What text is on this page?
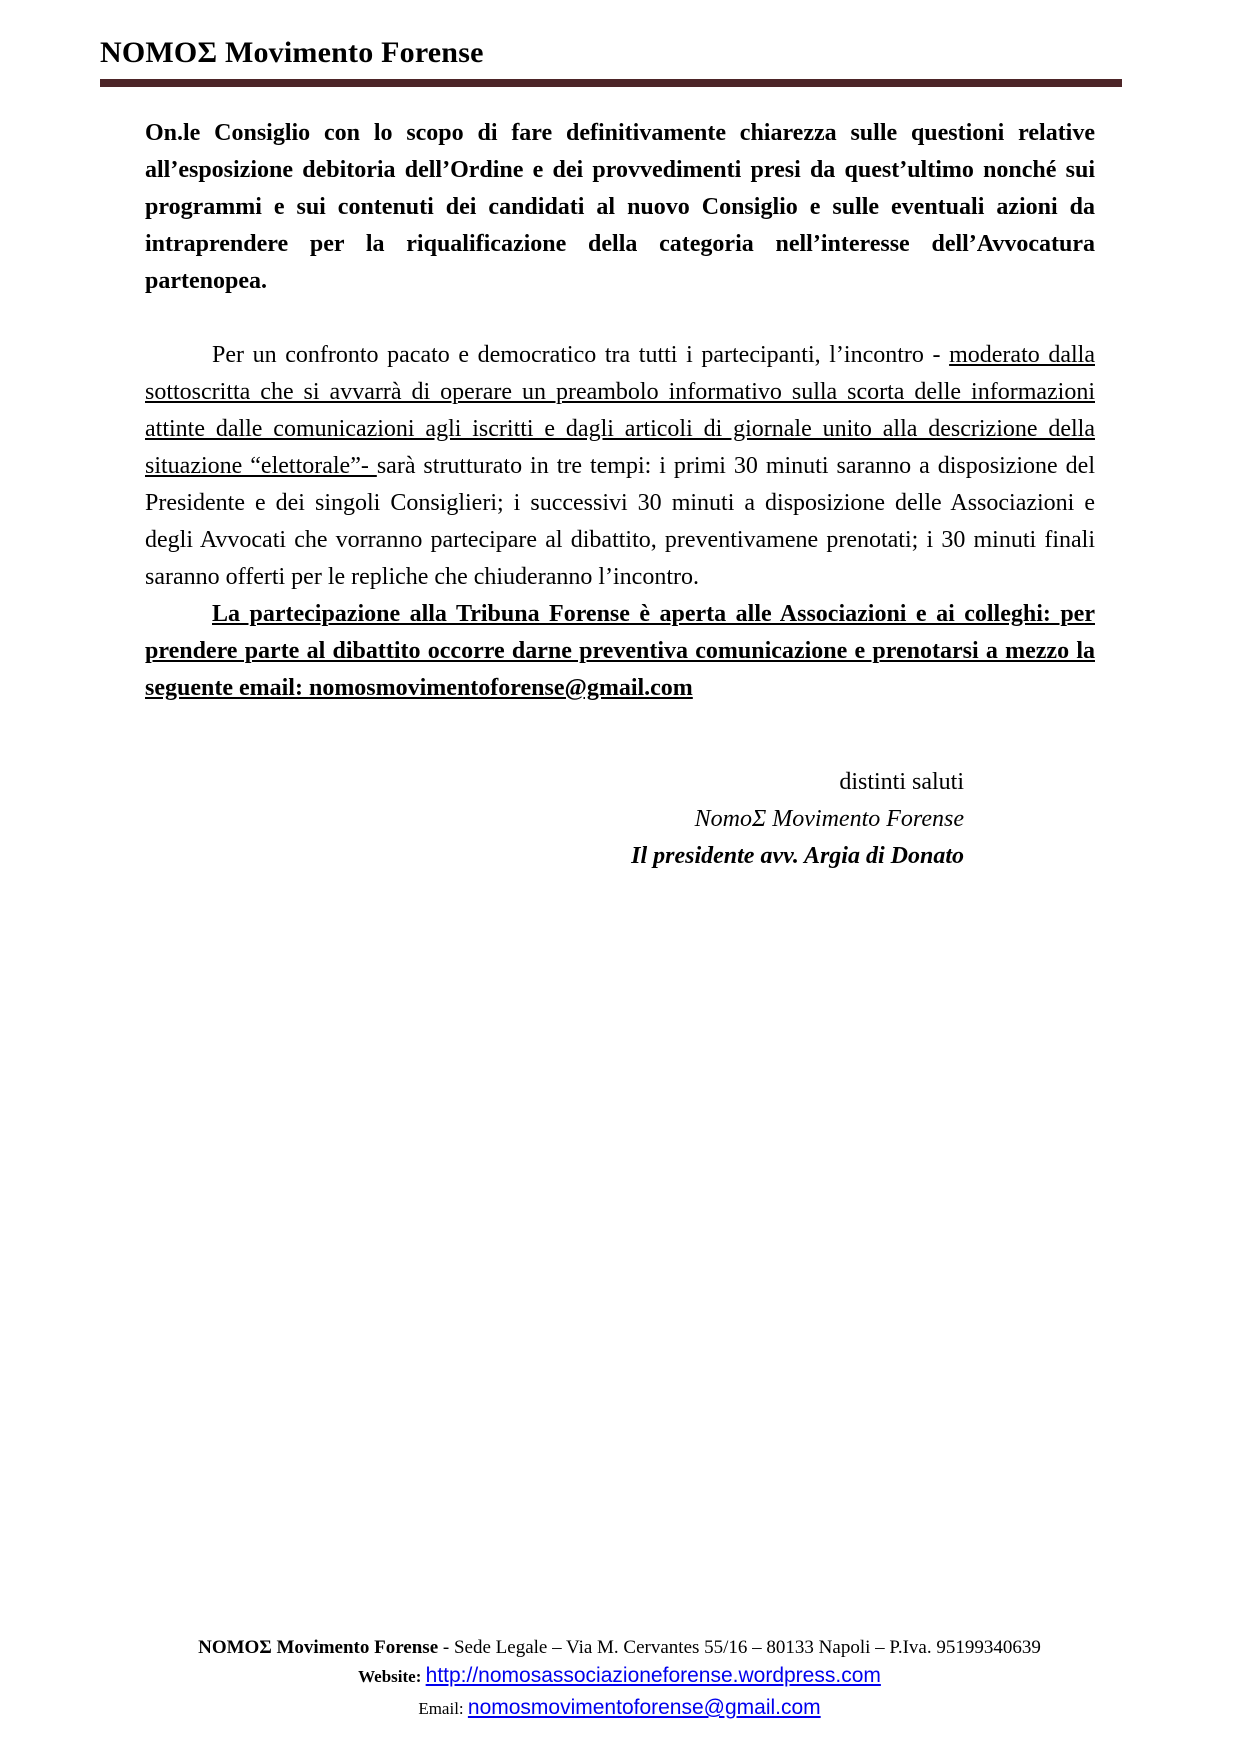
NOMOΣ Movimento Forense

On.le Consiglio con lo scopo di fare definitivamente chiarezza sulle questioni relative all’esposizione debitoria dell’Ordine e dei provvedimenti presi da quest’ultimo nonché sui programmi e sui contenuti dei candidati al nuovo Consiglio e sulle eventuali azioni da intraprendere per la riqualificazione della categoria nell’interesse dell’Avvocatura partenopea.

Per un confronto pacato e democratico tra tutti i partecipanti, l’incontro - moderato dalla sottoscritta che si avvarrà di operare un preambolo informativo sulla scorta delle informazioni attinte dalle comunicazioni agli iscritti e dagli articoli di giornale unito alla descrizione della situazione “elettorale”- sarà strutturato in tre tempi: i primi 30 minuti saranno a disposizione del Presidente e dei singoli Consiglieri; i successivi 30 minuti a disposizione delle Associazioni e degli Avvocati che vorranno partecipare al dibattito, preventivamene prenotati; i 30 minuti finali saranno offerti per le repliche che chiuderanno l’incontro.

La partecipazione alla Tribuna Forense è aperta alle Associazioni e ai colleghi: per prendere parte al dibattito occorre darne preventiva comunicazione e prenotarsi a mezzo la seguente email: nomosmovimentoforense@gmail.com

distinti saluti

NomoΣ Movimento Forense

Il presidente avv. Argia di Donato

NOMOΣ Movimento Forense - Sede Legale – Via M. Cervantes 55/16 – 80133 Napoli – P.Iva. 95199340639
Website: http://nomosassociazioneforense.wordpress.com
Email: nomosmovimentoforense@gmail.com
